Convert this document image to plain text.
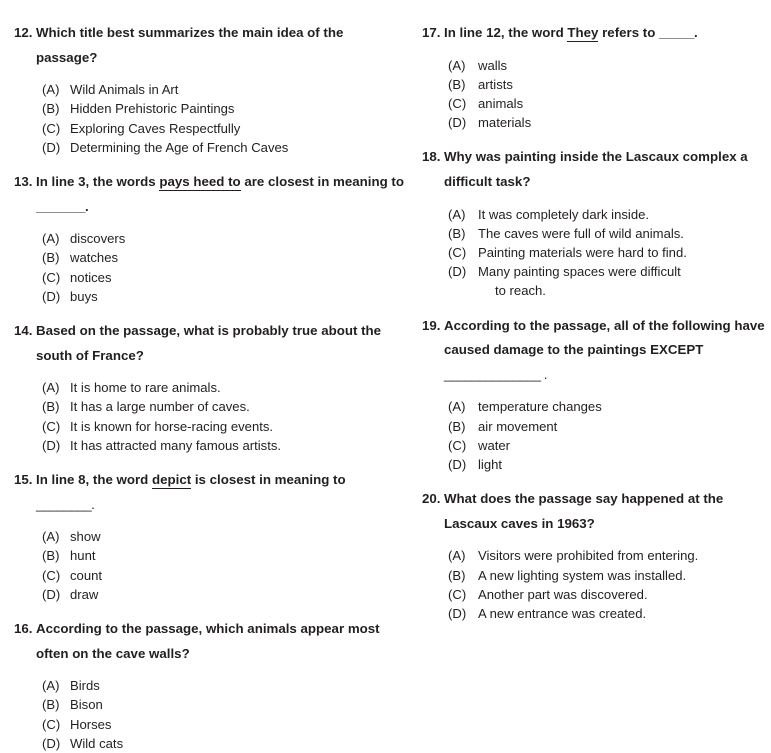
12. Which title best summarizes the main idea of the passage?
(A) Wild Animals in Art
(B) Hidden Prehistoric Paintings
(C) Exploring Caves Respectfully
(D) Determining the Age of French Caves
13. In line 3, the words pays heed to are closest in meaning to _______.
(A) discovers
(B) watches
(C) notices
(D) buys
14. Based on the passage, what is probably true about the south of France?
(A) It is home to rare animals.
(B) It has a large number of caves.
(C) It is known for horse-racing events.
(D) It has attracted many famous artists.
15. In line 8, the word depict is closest in meaning to
________.
(A) show
(B) hunt
(C) count
(D) draw
16. According to the passage, which animals appear most often on the cave walls?
(A) Birds
(B) Bison
(C) Horses
(D) Wild cats
17. In line 12, the word They refers to _____.
(A) walls
(B) artists
(C) animals
(D) materials
18. Why was painting inside the Lascaux complex a difficult task?
(A) It was completely dark inside.
(B) The caves were full of wild animals.
(C) Painting materials were hard to find.
(D) Many painting spaces were difficult
to reach.
19. According to the passage, all of the following have caused damage to the paintings EXCEPT
______________ .
(A) temperature changes
(B) air movement
(C) water
(D) light
20. What does the passage say happened at the Lascaux caves in 1963?
(A) Visitors were prohibited from entering.
(B) A new lighting system was installed.
(C) Another part was discovered.
(D) A new entrance was created.
